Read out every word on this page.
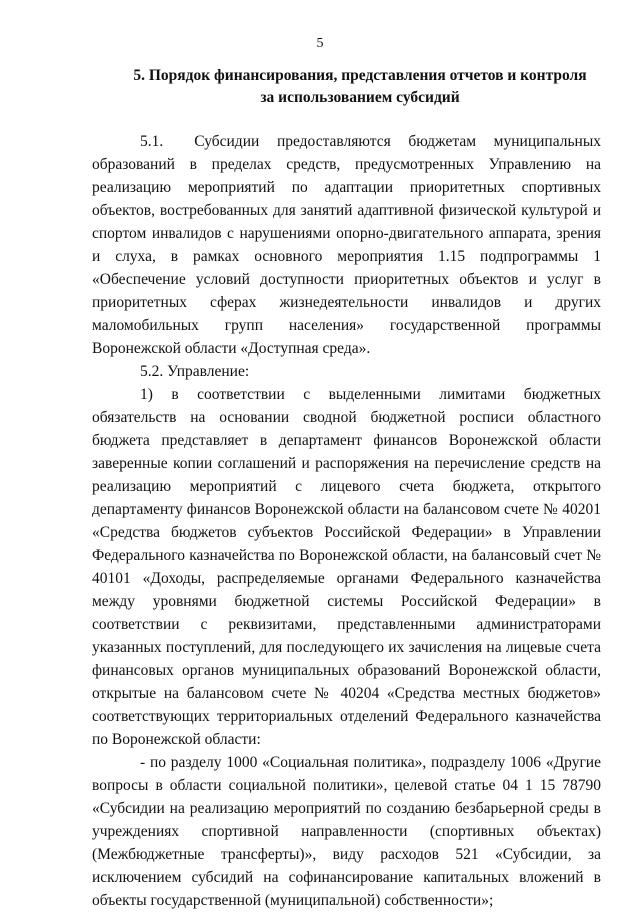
5
5. Порядок финансирования, представления отчетов и контроля
за использованием субсидий

5.1.  Субсидии предоставляются бюджетам муниципальных образований в пределах средств, предусмотренных Управлению на реализацию мероприятий по адаптации приоритетных спортивных объектов, востребованных для занятий адаптивной физической культурой и спортом инвалидов с нарушениями опорно-двигательного аппарата, зрения и слуха, в рамках основного мероприятия 1.15 подпрограммы 1 «Обеспечение условий доступности приоритетных объектов и услуг в приоритетных сферах жизнедеятельности инвалидов и других маломобильных групп населения» государственной программы Воронежской области «Доступная среда».

5.2. Управление:

1) в соответствии с выделенными лимитами бюджетных обязательств на основании сводной бюджетной росписи областного бюджета представляет в департамент финансов Воронежской области заверенные копии соглашений и распоряжения на перечисление средств на реализацию мероприятий с лицевого счета бюджета, открытого департаменту финансов Воронежской области на балансовом счете № 40201 «Средства бюджетов субъектов Российской Федерации» в Управлении Федерального казначейства по Воронежской области, на балансовый счет № 40101 «Доходы, распределяемые органами Федерального казначейства между уровнями бюджетной системы Российской Федерации» в соответствии с реквизитами, представленными администраторами указанных поступлений, для последующего их зачисления на лицевые счета финансовых органов муниципальных образований Воронежской области, открытые на балансовом счете № 40204 «Средства местных бюджетов» соответствующих территориальных отделений Федерального казначейства по Воронежской области:

- по разделу 1000 «Социальная политика», подразделу 1006 «Другие вопросы в области социальной политики», целевой статье 04 1 15 78790 «Субсидии на реализацию мероприятий по созданию безбарьерной среды в учреждениях спортивной направленности (спортивных объектах) (Межбюджетные трансферты)», виду расходов 521 «Субсидии, за исключением субсидий на софинансирование капитальных вложений в объекты государственной (муниципальной) собственности»;
